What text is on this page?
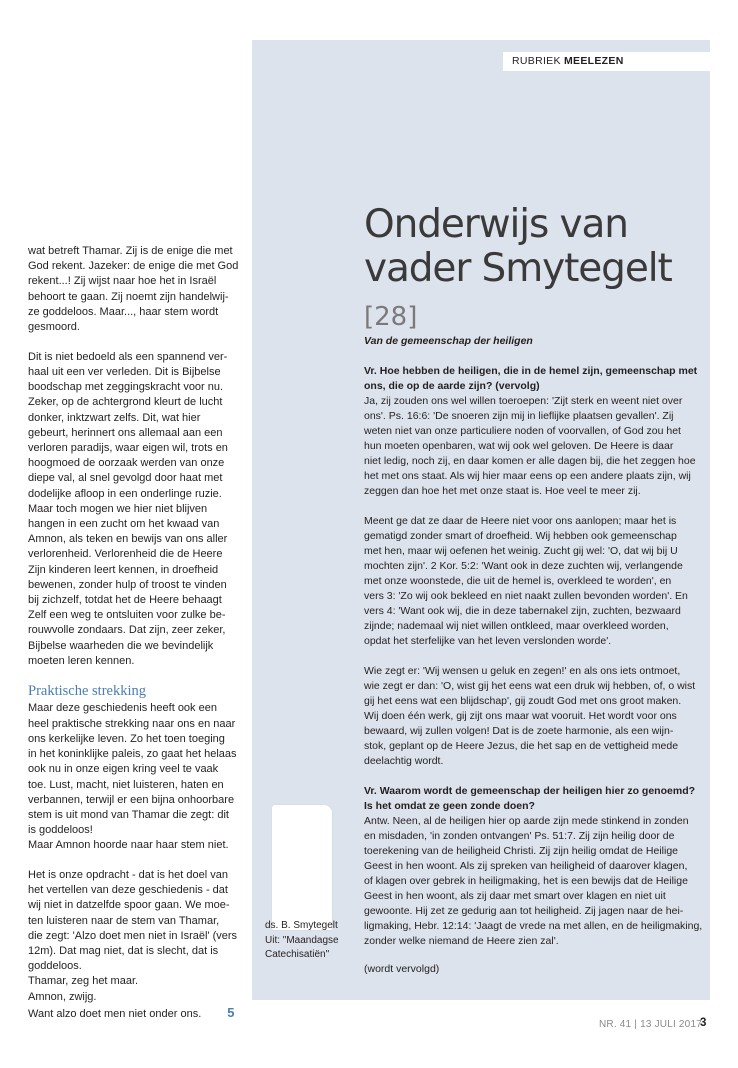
wat betreft Thamar. Zij is de enige die met
God rekent. Jazeker: de enige die met God
rekent...! Zij wijst naar hoe het in Israël
behoort te gaan. Zij noemt zijn handelwij-
ze goddeloos. Maar..., haar stem wordt
gesmoord.

Dit is niet bedoeld als een spannend ver-
haal uit een ver verleden. Dit is Bijbelse
boodschap met zeggingskracht voor nu.
Zeker, op de achtergrond kleurt de lucht
donker, inktzwart zelfs. Dit, wat hier
gebeurt, herinnert ons allemaal aan een
verloren paradijs, waar eigen wil, trots en
hoogmoed de oorzaak werden van onze
diepe val, al snel gevolgd door haat met
dodelijke afloop in een onderlinge ruzie.
Maar toch mogen we hier niet blijven
hangen in een zucht om het kwaad van
Amnon, als teken en bewijs van ons aller
verlorenheid. Verlorenheid die de Heere
Zijn kinderen leert kennen, in droefheid
bewenen, zonder hulp of troost te vinden
bij zichzelf, totdat het de Heere behaagt
Zelf een weg te ontsluiten voor zulke be-
rouwvolle zondaars. Dat zijn, zeer zeker,
Bijbelse waarheden die we bevindelijk
moeten leren kennen.

Praktische strekking

Maar deze geschiedenis heeft ook een
heel praktische strekking naar ons en naar
ons kerkelijke leven. Zo het toen toeging
in het koninklijke paleis, zo gaat het helaas
ook nu in onze eigen kring veel te vaak
toe. Lust, macht, niet luisteren, haten en
verbannen, terwijl er een bijna onhoorbare
stem is uit mond van Thamar die zegt: dit
is goddeloos!
Maar Amnon hoorde naar haar stem niet.

Het is onze opdracht - dat is het doel van
het vertellen van deze geschiedenis - dat
wij niet in datzelfde spoor gaan. We moe-
ten luisteren naar de stem van Thamar,
die zegt: 'Alzo doet men niet in Israël' (vers
12m). Dat mag niet, dat is slecht, dat is
goddeloos.
Thamar, zeg het maar.
Amnon, zwijg.
Want alzo doet men niet onder ons. 5

RUBRIEK MEELEZEN
Onderwijs van
vader Smytegelt [28]

Van de gemeenschap der heiligen

Vr. Hoe hebben de heiligen, die in de hemel zijn, gemeenschap met
ons, die op de aarde zijn? (vervolg)

Ja, zij zouden ons wel willen toeroepen: 'Zijt sterk en weent niet over
ons'. Ps. 16:6: 'De snoeren zijn mij in lieflijke plaatsen gevallen'. Zij
weten niet van onze particuliere noden of voorvallen, of God zou het
hun moeten openbaren, wat wij ook wel geloven. De Heere is daar
niet ledig, noch zij, en daar komen er alle dagen bij, die het zeggen hoe
het met ons staat. Als wij hier maar eens op een andere plaats zijn, wij
zeggen dan hoe het met onze staat is. Hoe veel te meer zij.

Meent ge dat ze daar de Heere niet voor ons aanlopen; maar het is
gematigd zonder smart of droefheid. Wij hebben ook gemeenschap
met hen, maar wij oefenen het weinig. Zucht gij wel: 'O, dat wij bij U
mochten zijn'. 2 Kor. 5:2: 'Want ook in deze zuchten wij, verlangende
met onze woonstede, die uit de hemel is, overkleed te worden', en
vers 3: 'Zo wij ook bekleed en niet naakt zullen bevonden worden'. En
vers 4: 'Want ook wij, die in deze tabernakel zijn, zuchten, bezwaard
zijnde; nademaal wij niet willen ontkleed, maar overkleed worden,
opdat het sterfelijke van het leven verslonden worde'.

Wie zegt er: 'Wij wensen u geluk en zegen!' en als ons iets ontmoet,
wie zegt er dan: 'O, wist gij het eens wat een druk wij hebben, of, o wist
gij het eens wat een blijdschap', gij zoudt God met ons groot maken.
Wij doen één werk, gij zijt ons maar wat vooruit. Het wordt voor ons
bewaard, wij zullen volgen! Dat is de zoete harmonie, als een wijn-
stok, geplant op de Heere Jezus, die het sap en de vettigheid mede
deelachtig wordt.

Vr. Waarom wordt de gemeenschap der heiligen hier zo genoemd?
Is het omdat ze geen zonde doen?

Antw. Neen, al de heiligen hier op aarde zijn mede stinkend in zonden
en misdaden, 'in zonden ontvangen' Ps. 51:7. Zij zijn heilig door de
toerekening van de heiligheid Christi. Zij zijn heilig omdat de Heilige
Geest in hen woont. Als zij spreken van heiligheid of daarover klagen,
of klagen over gebrek in heiligmaking, het is een bewijs dat de Heilige
Geest in hen woont, als zij daar met smart over klagen en niet uit
gewoonte. Hij zet ze gedurig aan tot heiligheid. Zij jagen naar de hei-
ligmaking, Hebr. 12:14: 'Jaagt de vrede na met allen, en de heiligmaking,
zonder welke niemand de Heere zien zal'.

(wordt vervolgd)

ds. B. Smytegelt
Uit: "Maandagse
Catechisatiën"
NR. 41 | 13 JULI 2017
3
